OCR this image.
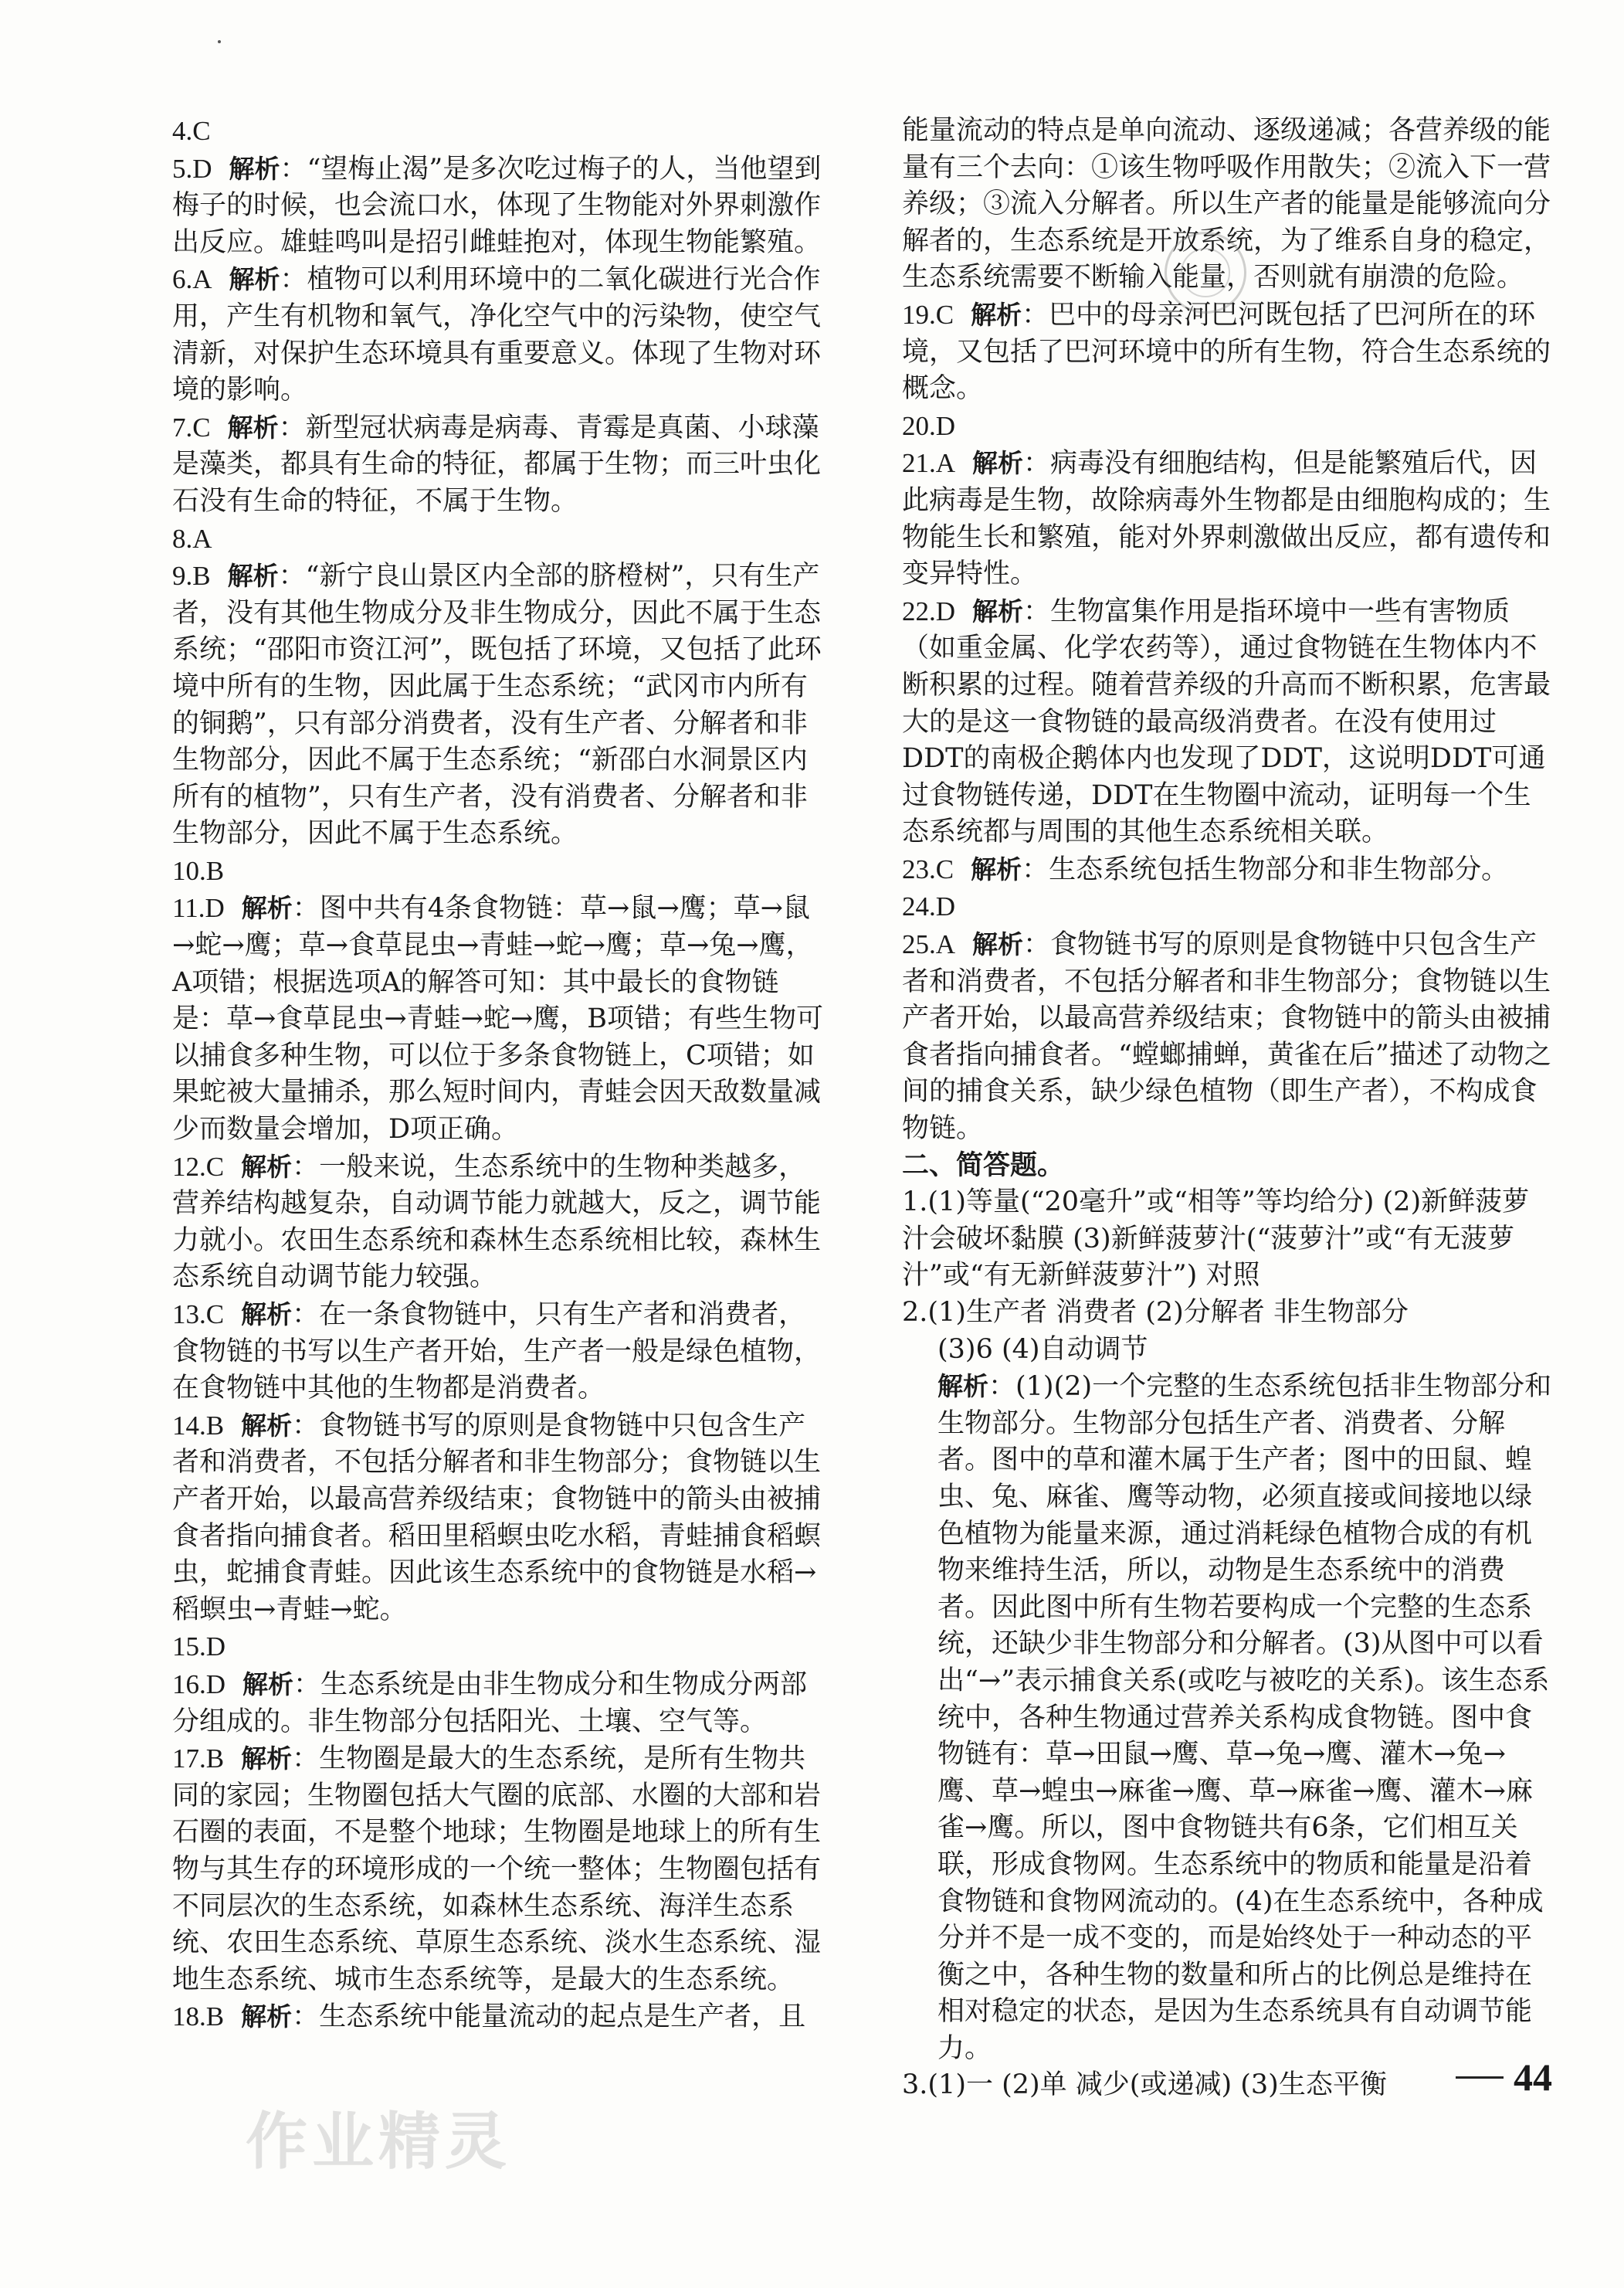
4.C
5.D 解析：“望梅止渴”是多次吃过梅子的人，当他望到梅子的时候，也会流口水，体现了生物能对外界刺激作出反应。雄蛙鸣叫是招引雌蛙抱对，体现生物能繁殖。
6.A 解析：植物可以利用环境中的二氧化碳进行光合作用，产生有机物和氧气，净化空气中的污染物，使空气清新，对保护生态环境具有重要意义。体现了生物对环境的影响。
7.C 解析：新型冠状病毒是病毒、青霉是真菌、小球藻是藻类，都具有生命的特征，都属于生物；而三叶虫化石没有生命的特征，不属于生物。
8.A
9.B 解析：“新宁良山景区内全部的脐橙树”，只有生产者，没有其他生物成分及非生物成分，因此不属于生态系统；“邵阳市资江河”，既包括了环境，又包括了此环境中所有的生物，因此属于生态系统；“武冈市内所有的铜鹅”，只有部分消费者，没有生产者、分解者和非生物部分，因此不属于生态系统；“新邵白水洞景区内所有的植物”，只有生产者，没有消费者、分解者和非生物部分，因此不属于生态系统。
10.B
11.D 解析：图中共有4条食物链：草→鼠→鹰；草→鼠→蛇→鹰；草→食草昆虫→青蛙→蛇→鹰；草→兔→鹰，A项错；根据选项A的解答可知：其中最长的食物链是：草→食草昆虫→青蛙→蛇→鹰，B项错；有些生物可以捕食多种生物，可以位于多条食物链上，C项错；如果蛇被大量捕杀，那么短时间内，青蛙会因天敌数量减少而数量会增加，D项正确。
12.C 解析：一般来说，生态系统中的生物种类越多，营养结构越复杂，自动调节能力就越大，反之，调节能力就小。农田生态系统和森林生态系统相比较，森林生态系统自动调节能力较强。
13.C 解析：在一条食物链中，只有生产者和消费者，食物链的书写以生产者开始，生产者一般是绿色植物，在食物链中其他的生物都是消费者。
14.B 解析：食物链书写的原则是食物链中只包含生产者和消费者，不包括分解者和非生物部分；食物链以生产者开始，以最高营养级结束；食物链中的箭头由被捕食者指向捕食者。稻田里稻螟虫吃水稻，青蛙捕食稻螟虫，蛇捕食青蛙。因此该生态系统中的食物链是水稻→稻螟虫→青蛙→蛇。
15.D
16.D 解析：生态系统是由非生物成分和生物成分两部分组成的。非生物部分包括阳光、土壤、空气等。
17.B 解析：生物圈是最大的生态系统，是所有生物共同的家园；生物圈包括大气圈的底部、水圈的大部和岩石圈的表面，不是整个地球；生物圈是地球上的所有生物与其生存的环境形成的一个统一整体；生物圈包括有不同层次的生态系统，如森林生态系统、海洋生态系统、农田生态系统、草原生态系统、淡水生态系统、湿地生态系统、城市生态系统等，是最大的生态系统。
18.B 解析：生态系统中能量流动的起点是生产者，且
能量流动的特点是单向流动、逐级递减；各营养级的能量有三个去向：①该生物呼吸作用散失；②流入下一营养级；③流入分解者。所以生产者的能量是能够流向分解者的，生态系统是开放系统，为了维系自身的稳定，生态系统需要不断输入能量，否则就有崩溃的危险。
19.C 解析：巴中的母亲河巴河既包括了巴河所在的环境，又包括了巴河环境中的所有生物，符合生态系统的概念。
20.D
21.A 解析：病毒没有细胞结构，但是能繁殖后代，因此病毒是生物，故除病毒外生物都是由细胞构成的；生物能生长和繁殖，能对外界刺激做出反应，都有遗传和变异特性。
22.D 解析：生物富集作用是指环境中一些有害物质（如重金属、化学农药等），通过食物链在生物体内不断积累的过程。随着营养级的升高而不断积累，危害最大的是这一食物链的最高级消费者。在没有使用过DDT的南极企鹅体内也发现了DDT，这说明DDT可通过食物链传递，DDT在生物圈中流动，证明每一个生态系统都与周围的其他生态系统相关联。
23.C 解析：生态系统包括生物部分和非生物部分。
24.D
25.A 解析：食物链书写的原则是食物链中只包含生产者和消费者，不包括分解者和非生物部分；食物链以生产者开始，以最高营养级结束；食物链中的箭头由被捕食者指向捕食者。“螳螂捕蝉，黄雀在后”描述了动物之间的捕食关系，缺少绿色植物（即生产者），不构成食物链。
二、简答题。
1.(1)等量(“20毫升”或“相等”等均给分) (2)新鲜菠萝汁会破坏黏膜 (3)新鲜菠萝汁(“菠萝汁”或“有无菠萝汁”或“有无新鲜菠萝汁”) 对照
2.(1)生产者 消费者 (2)分解者 非生物部分
(3)6 (4)自动调节
解析：(1)(2)一个完整的生态系统包括非生物部分和生物部分。生物部分包括生产者、消费者、分解者。图中的草和灌木属于生产者；图中的田鼠、蝗虫、兔、麻雀、鹰等动物，必须直接或间接地以绿色植物为能量来源，通过消耗绿色植物合成的有机物来维持生活，所以，动物是生态系统中的消费者。因此图中所有生物若要构成一个完整的生态系统，还缺少非生物部分和分解者。(3)从图中可以看出“→”表示捕食关系(或吃与被吃的关系)。该生态系统中，各种生物通过营养关系构成食物链。图中食物链有：草→田鼠→鹰、草→兔→鹰、灌木→兔→鹰、草→蝗虫→麻雀→鹰、草→麻雀→鹰、灌木→麻雀→鹰。所以，图中食物链共有6条，它们相互关联，形成食物网。生态系统中的物质和能量是沿着食物链和食物网流动的。(4)在生态系统中，各种成分并不是一成不变的，而是始终处于一种动态的平衡之中，各种生物的数量和所占的比例总是维持在相对稳定的状态，是因为生态系统具有自动调节能力。
3.(1)一 (2)单 减少(或递减) (3)生态平衡
作业精灵
44
